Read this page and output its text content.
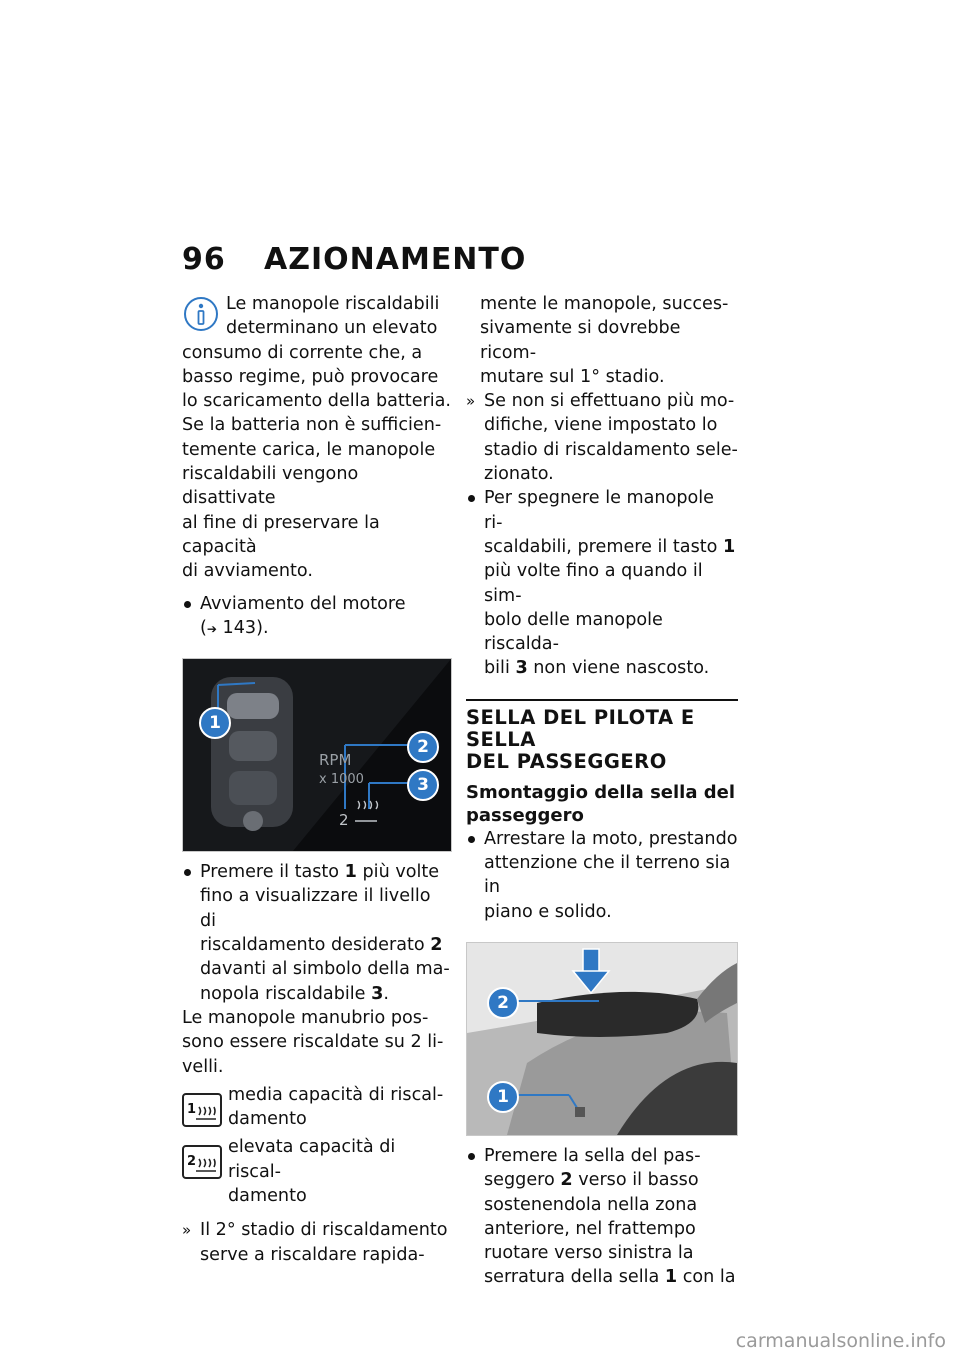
96 AZIONAMENTO
Le manopole riscaldabili
determinano un elevato
consumo di corrente che, a
basso regime, può provocare
lo scaricamento della batteria.
Se la batteria non è sufficien-
temente carica, le manopole
riscaldabili vengono disattivate
al fine di preservare la capacità
di avviamento.
Avviamento del motore
(➔ 143).
RPM
x 1000
2
1
2
3
Premere il tasto 1 più volte
fino a visualizzare il livello di
riscaldamento desiderato 2
davanti al simbolo della ma-
nopola riscaldabile 3.
Le manopole manubrio pos-
sono essere riscaldate su 2 li-
velli.
1
media capacità di riscal-
damento
2
elevata capacità di riscal-
damento
» Il 2° stadio di riscaldamento
serve a riscaldare rapida-
mente le manopole, succes-
sivamente si dovrebbe ricom-
mutare sul 1° stadio.
» Se non si effettuano più mo-
difiche, viene impostato lo
stadio di riscaldamento sele-
zionato.
Per spegnere le manopole ri-
scaldabili, premere il tasto 1
più volte fino a quando il sim-
bolo delle manopole riscalda-
bili 3 non viene nascosto.
SELLA DEL PILOTA E SELLA
DEL PASSEGGERO
Smontaggio della sella del
passeggero
Arrestare la moto, prestando
attenzione che il terreno sia in
piano e solido.
2
1
Premere la sella del pas-
seggero 2 verso il basso
sostenendola nella zona
anteriore, nel frattempo
ruotare verso sinistra la
serratura della sella 1 con la
carmanualsonline.info
